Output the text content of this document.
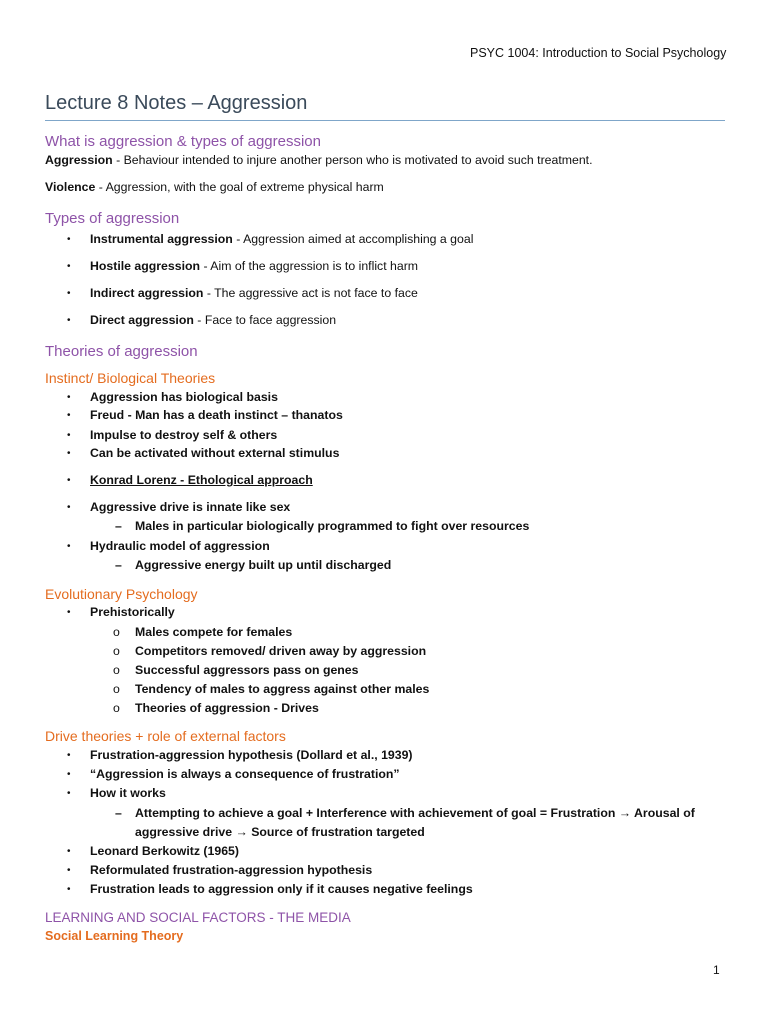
PSYC 1004: Introduction to Social Psychology
Lecture 8 Notes – Aggression
What is aggression & types of aggression
Aggression - Behaviour intended to injure another person who is motivated to avoid such treatment.
Violence - Aggression, with the goal of extreme physical harm
Types of aggression
• Instrumental aggression - Aggression aimed at accomplishing a goal
• Hostile aggression - Aim of the aggression is to inflict harm
• Indirect aggression - The aggressive act is not face to face
• Direct aggression - Face to face aggression
Theories of aggression
Instinct/ Biological Theories
• Aggression has biological basis
• Freud - Man has a death instinct – thanatos
• Impulse to destroy self & others
• Can be activated without external stimulus
• Konrad Lorenz - Ethological approach
• Aggressive drive is innate like sex
– Males in particular biologically programmed to fight over resources
• Hydraulic model of aggression
– Aggressive energy built up until discharged
Evolutionary Psychology
• Prehistorically
o Males compete for females
o Competitors removed/ driven away by aggression
o Successful aggressors pass on genes
o Tendency of males to aggress against other males
o Theories of aggression - Drives
Drive theories + role of external factors
• Frustration-aggression hypothesis (Dollard et al., 1939)
• “Aggression is always a consequence of frustration”
• How it works
– Attempting to achieve a goal + Interference with achievement of goal = Frustration → Arousal of
aggressive drive → Source of frustration targeted
• Leonard Berkowitz (1965)
• Reformulated frustration-aggression hypothesis
• Frustration leads to aggression only if it causes negative feelings
LEARNING AND SOCIAL FACTORS - THE MEDIA
Social Learning Theory
1
